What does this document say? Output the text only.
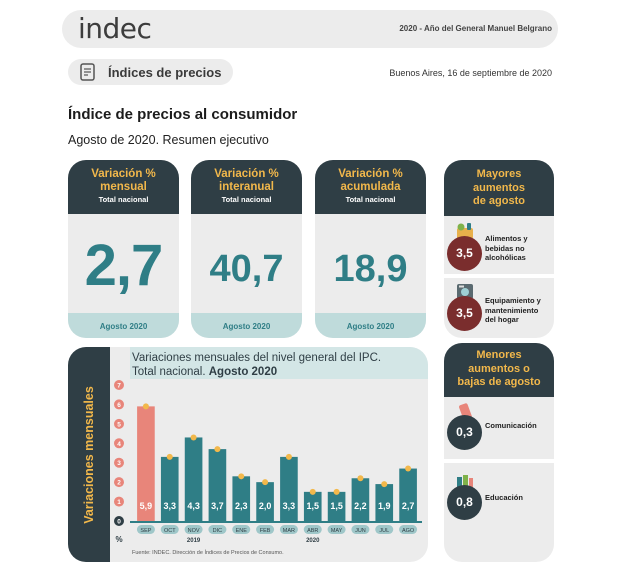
indec	2020 - Año del General Manuel Belgrano
Índices de precios	Buenos Aires, 16 de septiembre de 2020
Índice de precios al consumidor
Agosto de 2020. Resumen ejecutivo
Variación %
mensual
Total nacional
2,7
Agosto 2020
Variación %
interanual
Total nacional
40,7
Agosto 2020
Variación %
acumulada
Total nacional
18,9
Agosto 2020
Mayores
aumentos
de agosto
3,5
Alimentos y
bebidas no
alcohólicas
3,5
Equipamiento y
mantenimiento
del hogar
Menores
aumentos o
bajas de agosto
0,3	Comunicación
0,8	Educación
Variaciones mensuales
Variaciones mensuales del nivel general del IPC.
Total nacional. Agosto 2020
0
1
2
3
4
5
6
7
%
5,9
SEP
3,3
OCT
4,3
NOV
3,7
DIC
2,3
ENE
2,0
FEB
3,3
MAR
1,5
ABR
1,5
MAY
2,2
JUN
1,9
JUL
2,7
AGO
2019	2020
Fuente: INDEC. Dirección de Índices de Precios de Consumo.
